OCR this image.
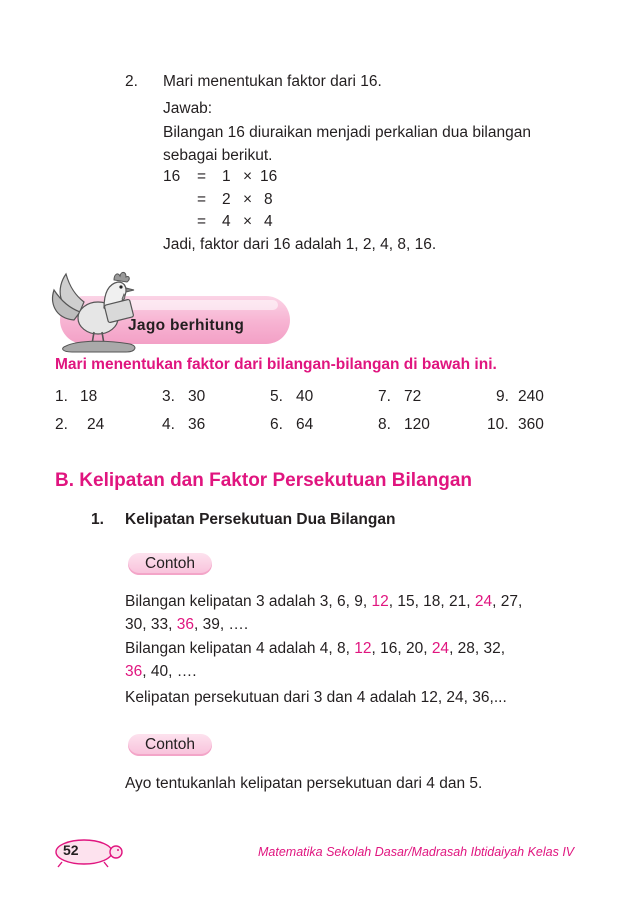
2. Mari menentukan faktor dari 16.
Jawab:
Bilangan 16 diuraikan menjadi perkalian dua bilangan
sebagai berikut.
16 = 1 × 16
= 2 × 8
= 4 × 4
Jadi, faktor dari 16 adalah 1, 2, 4, 8, 16.
Jago berhitung
Mari menentukan faktor dari bilangan-bilangan di bawah ini.
1. 18	3. 30	5. 40	7. 72	9. 240
2. 24	4. 36	6. 64	8. 120	10. 360
B. Kelipatan dan Faktor Persekutuan Bilangan
1. Kelipatan Persekutuan Dua Bilangan
Contoh
Bilangan kelipatan 3 adalah 3, 6, 9, 12, 15, 18, 21, 24, 27,
30, 33, 36, 39, ….
Bilangan kelipatan 4 adalah 4, 8, 12, 16, 20, 24, 28, 32,
36, 40, ….
Kelipatan persekutuan dari 3 dan 4 adalah 12, 24, 36,...
Contoh
Ayo tentukanlah kelipatan persekutuan dari 4 dan 5.
52	Matematika Sekolah Dasar/Madrasah Ibtidaiyah Kelas IV
